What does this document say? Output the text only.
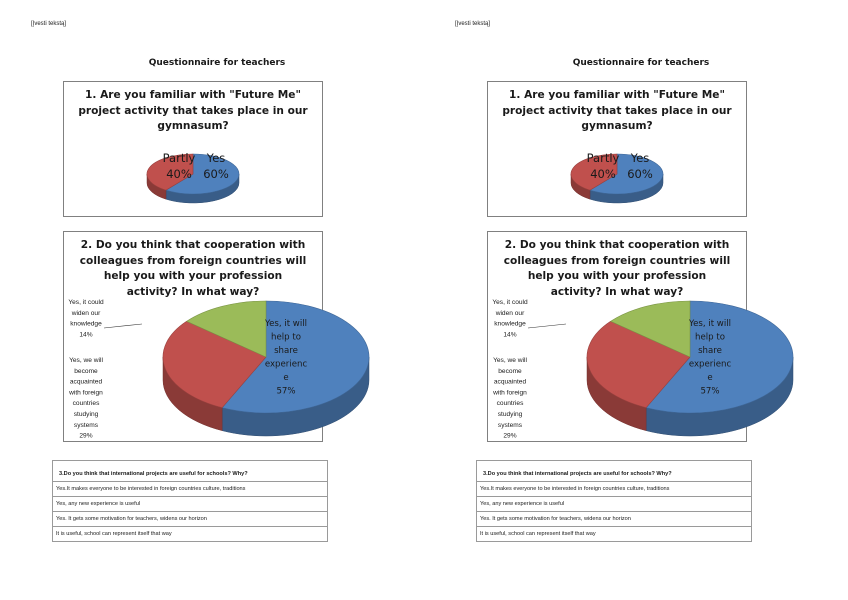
[Įvesti tekstą]
Questionnaire for teachers
1. Are you familiar with "Future Me"
project activity that takes place in our
gymnasum?
Yes 60%
Partly 40%
2. Do you think that cooperation with
colleagues from foreign countries will
help you with your profession
activity? In what way?
Yes, it will help to share experienc e 57%
Yes, we will become acquainted with foreign countries studying systems 29%
Yes, it could widen our knowledge 14%
3.Do you think that international projects are useful for schools? Why?
Yes.It makes everyone to be interested in foreign countries culture, traditions
Yes, any new experience is useful
Yes. It gets some motivation for teachers, widens our horizon
It is useful, school can represent itself that way
[Įvesti tekstą]
Questionnaire for teachers
1. Are you familiar with "Future Me"
project activity that takes place in our
gymnasum?
Yes 60%
Partly 40%
2. Do you think that cooperation with
colleagues from foreign countries will
help you with your profession
activity? In what way?
Yes, it will help to share experienc e 57%
Yes, we will become acquainted with foreign countries studying systems 29%
Yes, it could widen our knowledge 14%
3.Do you think that international projects are useful for schools? Why?
Yes.It makes everyone to be interested in foreign countries culture, traditions
Yes, any new experience is useful
Yes. It gets some motivation for teachers, widens our horizon
It is useful, school can represent itself that way
